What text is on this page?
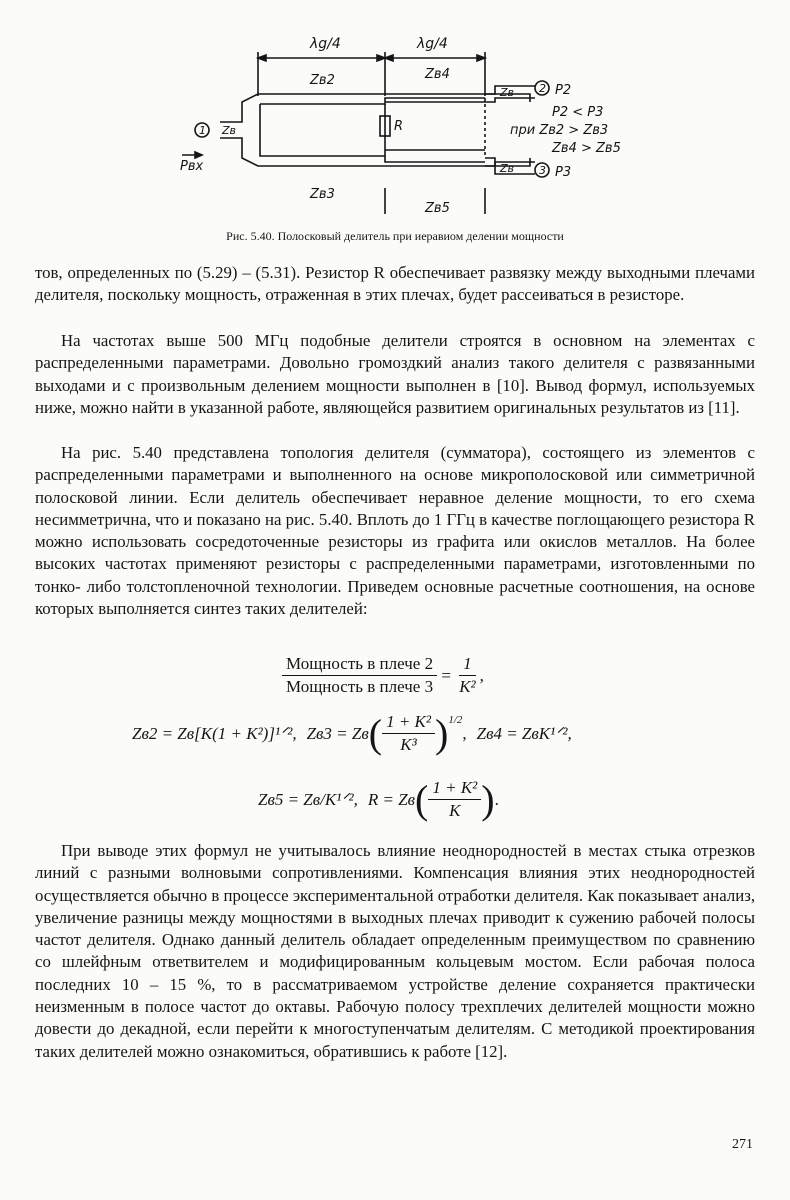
λg/4	λg/4
Zв2	Zв4
Zв
Zв
Zв
R
Zв3
Zв5
1
2
3
Pвх
P2
P3
P2 < P3
при Zв2 > Zв3
Zв4 > Zв5
Рис. 5.40. Полосковый делитель при иеравиом делении мощности

тов, определенных по (5.29) – (5.31). Резистор R обеспечивает развязку между выходными плечами делителя, поскольку мощность, отраженная в этих плечах, будет рассеиваться в резисторе.

На частотах выше 500 МГц подобные делители строятся в основном на элементах с распределенными параметрами. Довольно громоздкий анализ такого делителя с развязанными выходами и с произвольным делением мощности выполнен в [10]. Вывод формул, используемых ниже, можно найти в указанной работе, являющейся развитием оригинальных результатов из [11].

На рис. 5.40 представлена топология делителя (сумматора), состоящего из элементов с распределенными параметрами и выполненного на основе микрополосковой или симметричной полосковой линии. Если делитель обеспечивает неравное деление мощности, то его схема несимметрична, что и показано на рис. 5.40. Вплоть до 1 ГГц в качестве поглощающего резистора R можно использовать сосредоточенные резисторы из графита или окислов металлов. На более высоких частотах применяют резисторы с распределенными параметрами, изготовленными по тонко- либо толстопленочной технологии. Приведем основные расчетные соотношения, на основе которых выполняется синтез таких делителей:

$\frac{\text{Мощность в плече 2}}{\text{Мощность в плече 3}} = \frac{1}{\text{K²}}$ ,
Zв2 = Zв[K(1 + K²)]¹ᐟ², Zв3 = Zв ( $\frac{\text{1 + K²}}{\text{K³}} )^{1/2}$
, Zв4 = ZвK¹ᐟ²,
Zв5 = Zв/K¹ᐟ², R = Zв ( $\frac{\text{1 + K²}}{K}$ ) .

При выводе этих формул не учитывалось влияние неоднородностей в местах стыка отрезков линий с разными волновыми сопротивлениями. Компенсация влияния этих неоднородностей осуществляется обычно в процессе экспериментальной отработки делителя. Как показывает анализ, увеличение разницы между мощностями в выходных плечах приводит к сужению рабочей полосы частот делителя. Однако данный делитель обладает определенным преимуществом по сравнению со шлейфным ответвителем и модифицированным кольцевым мостом. Если рабочая полоса последних 10 – 15 %, то в рассматриваемом устройстве деление сохраняется практически неизменным в полосе частот до октавы. Рабочую полосу трехплечих делителей мощности можно довести до декадной, если перейти к многоступенчатым делителям. С методикой проектирования таких делителей можно ознакомиться, обратившись к работе [12].

271
